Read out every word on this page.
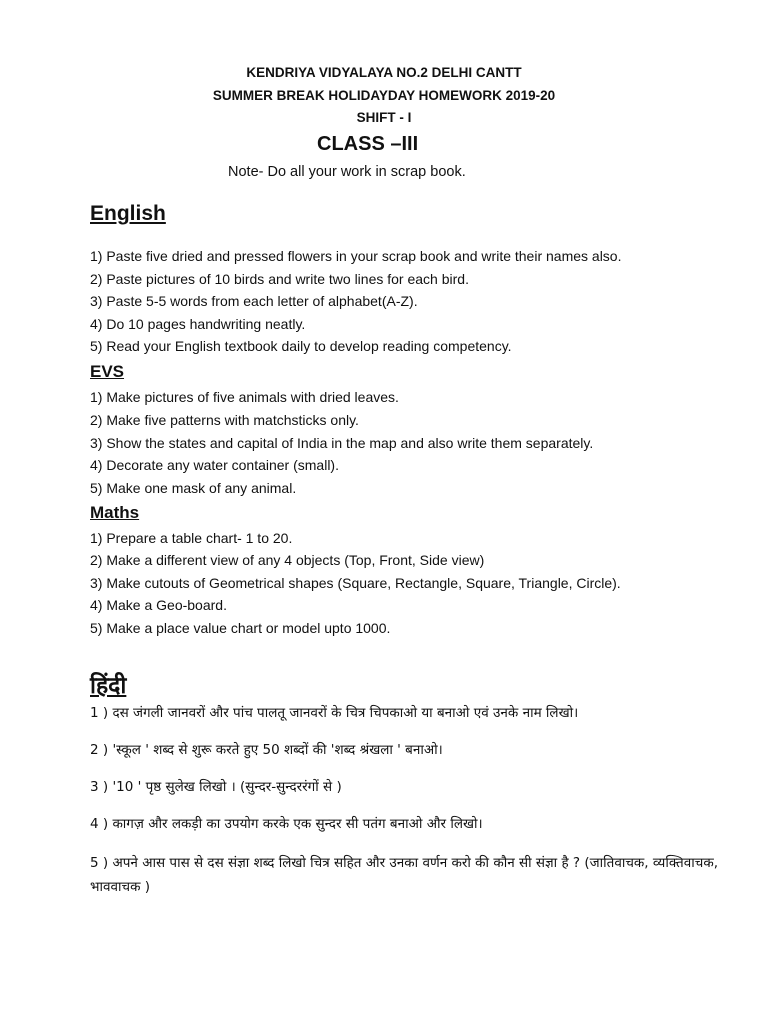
KENDRIYA VIDYALAYA NO.2 DELHI CANTT
SUMMER BREAK HOLIDAYDAY HOMEWORK 2019-20
SHIFT - I
CLASS –III
Note- Do all your work in scrap book.
English
1) Paste five dried and pressed flowers in your scrap book and write their names also.
2) Paste pictures of 10 birds and write two lines for each bird.
3) Paste 5-5 words from each letter of alphabet(A-Z).
4) Do 10 pages handwriting neatly.
5) Read your English textbook daily to develop reading competency.
EVS
1) Make pictures of five animals with dried leaves.
2) Make five patterns with matchsticks only.
3) Show the states and capital of India in the map and also write them separately.
4) Decorate any water container (small).
5) Make one mask of any animal.
Maths
1) Prepare a table chart- 1 to 20.
2) Make a different view of any 4 objects (Top, Front, Side view)
3) Make cutouts of Geometrical shapes (Square, Rectangle, Square, Triangle, Circle).
4) Make a Geo-board.
5) Make a place value chart or model upto 1000.
हिंदी
1 ) दस जंगली जानवरों और पांच पालतू जानवरों के चित्र चिपकाओ या बनाओ एवं उनके नाम लिखो।
2 ) 'स्कूल ' शब्द से शुरू करते हुए 50 शब्दों की 'शब्द श्रंखला ' बनाओ।
3 ) '10 ' पृष्ठ सुलेख लिखो । (सुन्दर-सुन्दररंगों से )
4 ) कागज़ और लकड़ी का उपयोग करके एक सुन्दर सी पतंग बनाओ और लिखो।
5 ) अपने आस पास से दस संज्ञा शब्द लिखो चित्र सहित और उनका वर्णन करो की कौन सी संज्ञा है ? (जातिवाचक, व्यक्तिवाचक, भाववाचक )
